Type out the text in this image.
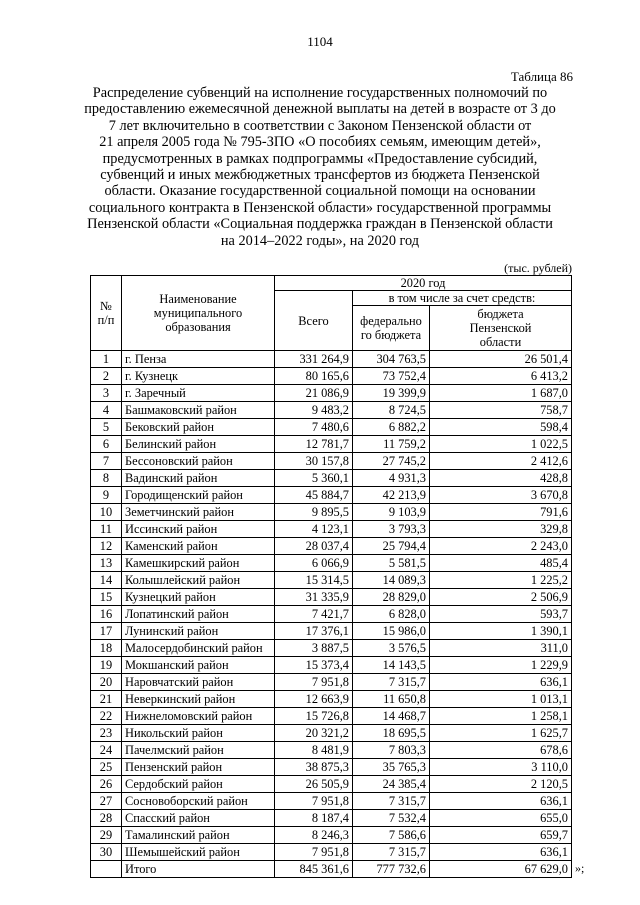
1104
Таблица 86
Распределение субвенций на исполнение государственных полномочий по
предоставлению ежемесячной денежной выплаты на детей в возрасте от 3 до
7 лет включительно в соответствии с Законом Пензенской области от
21 апреля 2005 года № 795-ЗПО «О пособиях семьям, имеющим детей»,
предусмотренных в рамках подпрограммы «Предоставление субсидий,
субвенций и иных межбюджетных трансфертов из бюджета Пензенской
области. Оказание государственной социальной помощи на основании
социального контракта в Пензенской области» государственной программы
Пензенской области «Социальная поддержка граждан в Пензенской области
на 2014–2022 годы», на 2020 год
(тыс. рублей)
№ п/п	Наименование муниципального образования	2020 год		
		Всего	в том числе за счет средств:	
			федерально го бюджета	бюджета Пензенской области
1	г. Пенза	331 264,9	304 763,5	26 501,4
2	г. Кузнецк	80 165,6	73 752,4	6 413,2
3	г. Заречный	21 086,9	19 399,9	1 687,0
4	Башмаковский район	9 483,2	8 724,5	758,7
5	Бековский район	7 480,6	6 882,2	598,4
6	Белинский район	12 781,7	11 759,2	1 022,5
7	Бессоновский район	30 157,8	27 745,2	2 412,6
8	Вадинский район	5 360,1	4 931,3	428,8
9	Городищенский район	45 884,7	42 213,9	3 670,8
10	Земетчинский район	9 895,5	9 103,9	791,6
11	Иссинский район	4 123,1	3 793,3	329,8
12	Каменский район	28 037,4	25 794,4	2 243,0
13	Камешкирский район	6 066,9	5 581,5	485,4
14	Колышлейский район	15 314,5	14 089,3	1 225,2
15	Кузнецкий район	31 335,9	28 829,0	2 506,9
16	Лопатинский район	7 421,7	6 828,0	593,7
17	Лунинский район	17 376,1	15 986,0	1 390,1
18	Малосердобинский район	3 887,5	3 576,5	311,0
19	Мокшанский район	15 373,4	14 143,5	1 229,9
20	Наровчатский район	7 951,8	7 315,7	636,1
21	Неверкинский район	12 663,9	11 650,8	1 013,1
22	Нижнеломовский район	15 726,8	14 468,7	1 258,1
23	Никольский район	20 321,2	18 695,5	1 625,7
24	Пачелмский район	8 481,9	7 803,3	678,6
25	Пензенский район	38 875,3	35 765,3	3 110,0
26	Сердобский район	26 505,9	24 385,4	2 120,5
27	Сосновоборский район	7 951,8	7 315,7	636,1
28	Спасский район	8 187,4	7 532,4	655,0
29	Тамалинский район	8 246,3	7 586,6	659,7
30	Шемышейский район	7 951,8	7 315,7	636,1
	Итого	845 361,6	777 732,6	67 629,0 »;
